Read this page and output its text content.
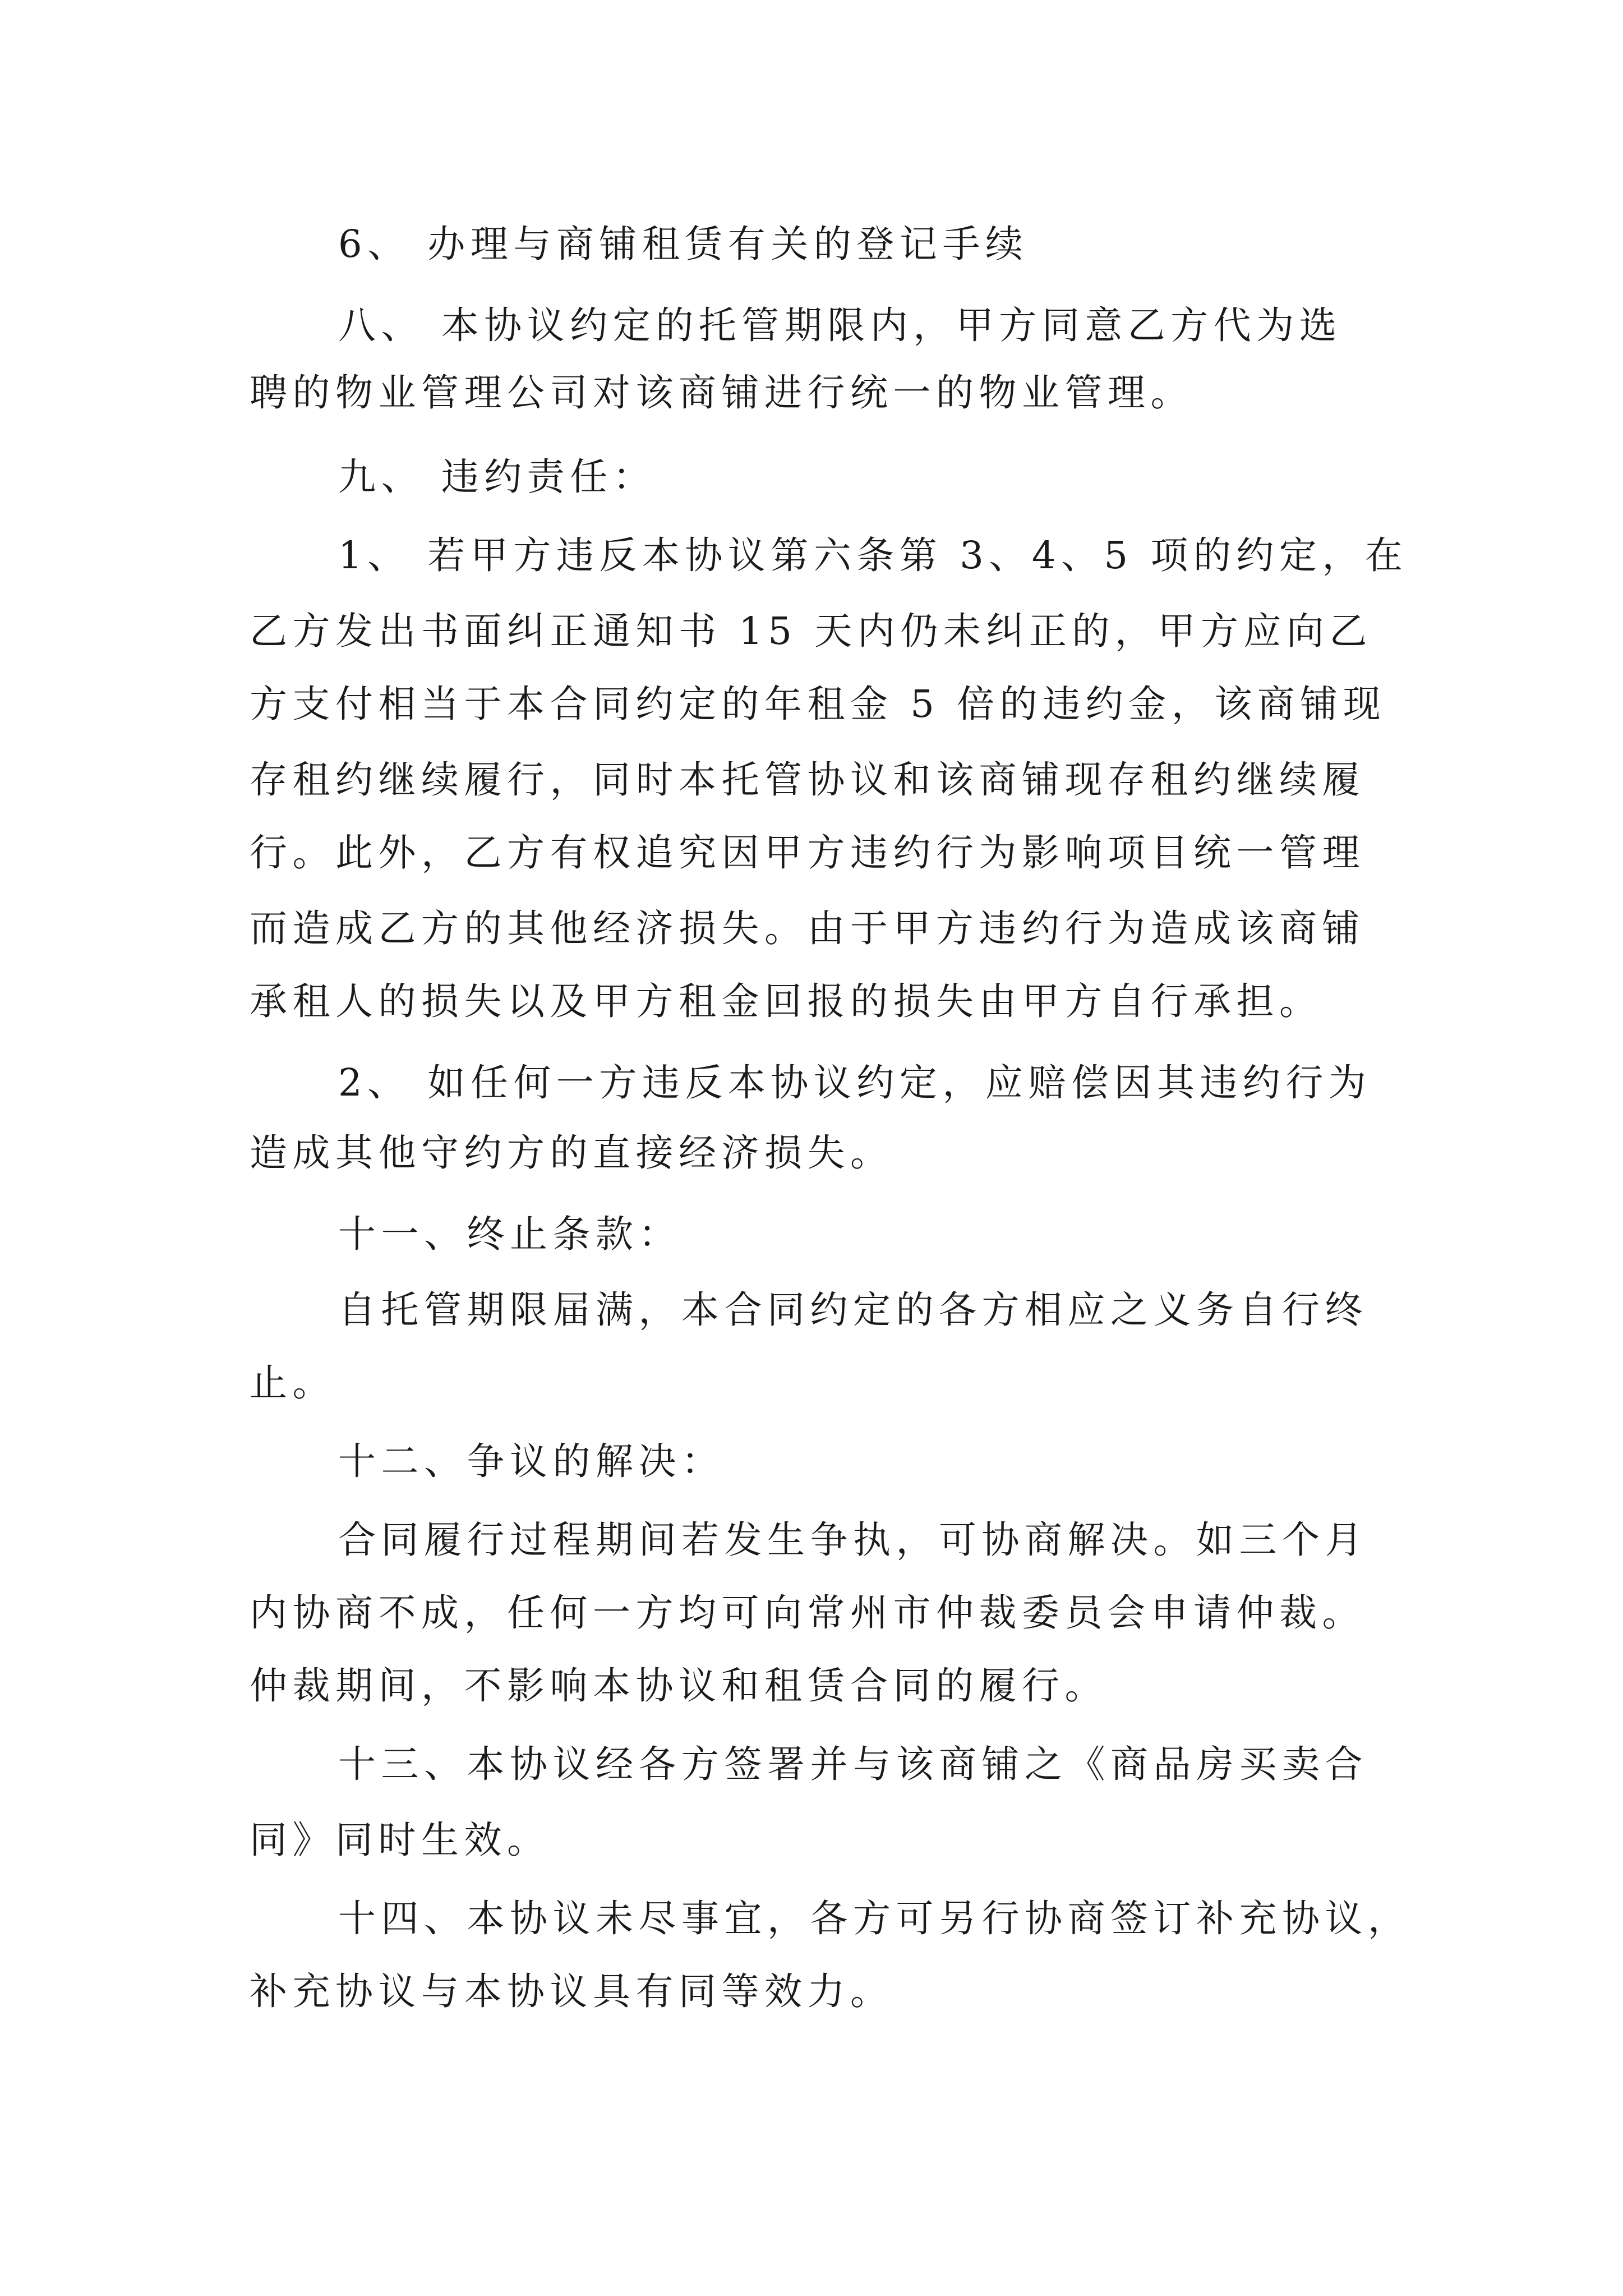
6、 办理与商铺租赁有关的登记手续

八、 本协议约定的托管期限内，甲方同意乙方代为选

聘的物业管理公司对该商铺进行统一的物业管理。

九、 违约责任：

1、 若甲方违反本协议第六条第 3、4、5 项的约定，在

乙方发出书面纠正通知书 15 天内仍未纠正的，甲方应向乙

方支付相当于本合同约定的年租金 5 倍的违约金，该商铺现

存租约继续履行，同时本托管协议和该商铺现存租约继续履

行。此外，乙方有权追究因甲方违约行为影响项目统一管理

而造成乙方的其他经济损失。由于甲方违约行为造成该商铺

承租人的损失以及甲方租金回报的损失由甲方自行承担。

2、 如任何一方违反本协议约定，应赔偿因其违约行为

造成其他守约方的直接经济损失。

十一、终止条款：

自托管期限届满，本合同约定的各方相应之义务自行终

止。

十二、争议的解决：

合同履行过程期间若发生争执，可协商解决。如三个月

内协商不成，任何一方均可向常州市仲裁委员会申请仲裁。

仲裁期间，不影响本协议和租赁合同的履行。

十三、本协议经各方签署并与该商铺之《商品房买卖合

同》同时生效。

十四、本协议未尽事宜，各方可另行协商签订补充协议，

补充协议与本协议具有同等效力。
